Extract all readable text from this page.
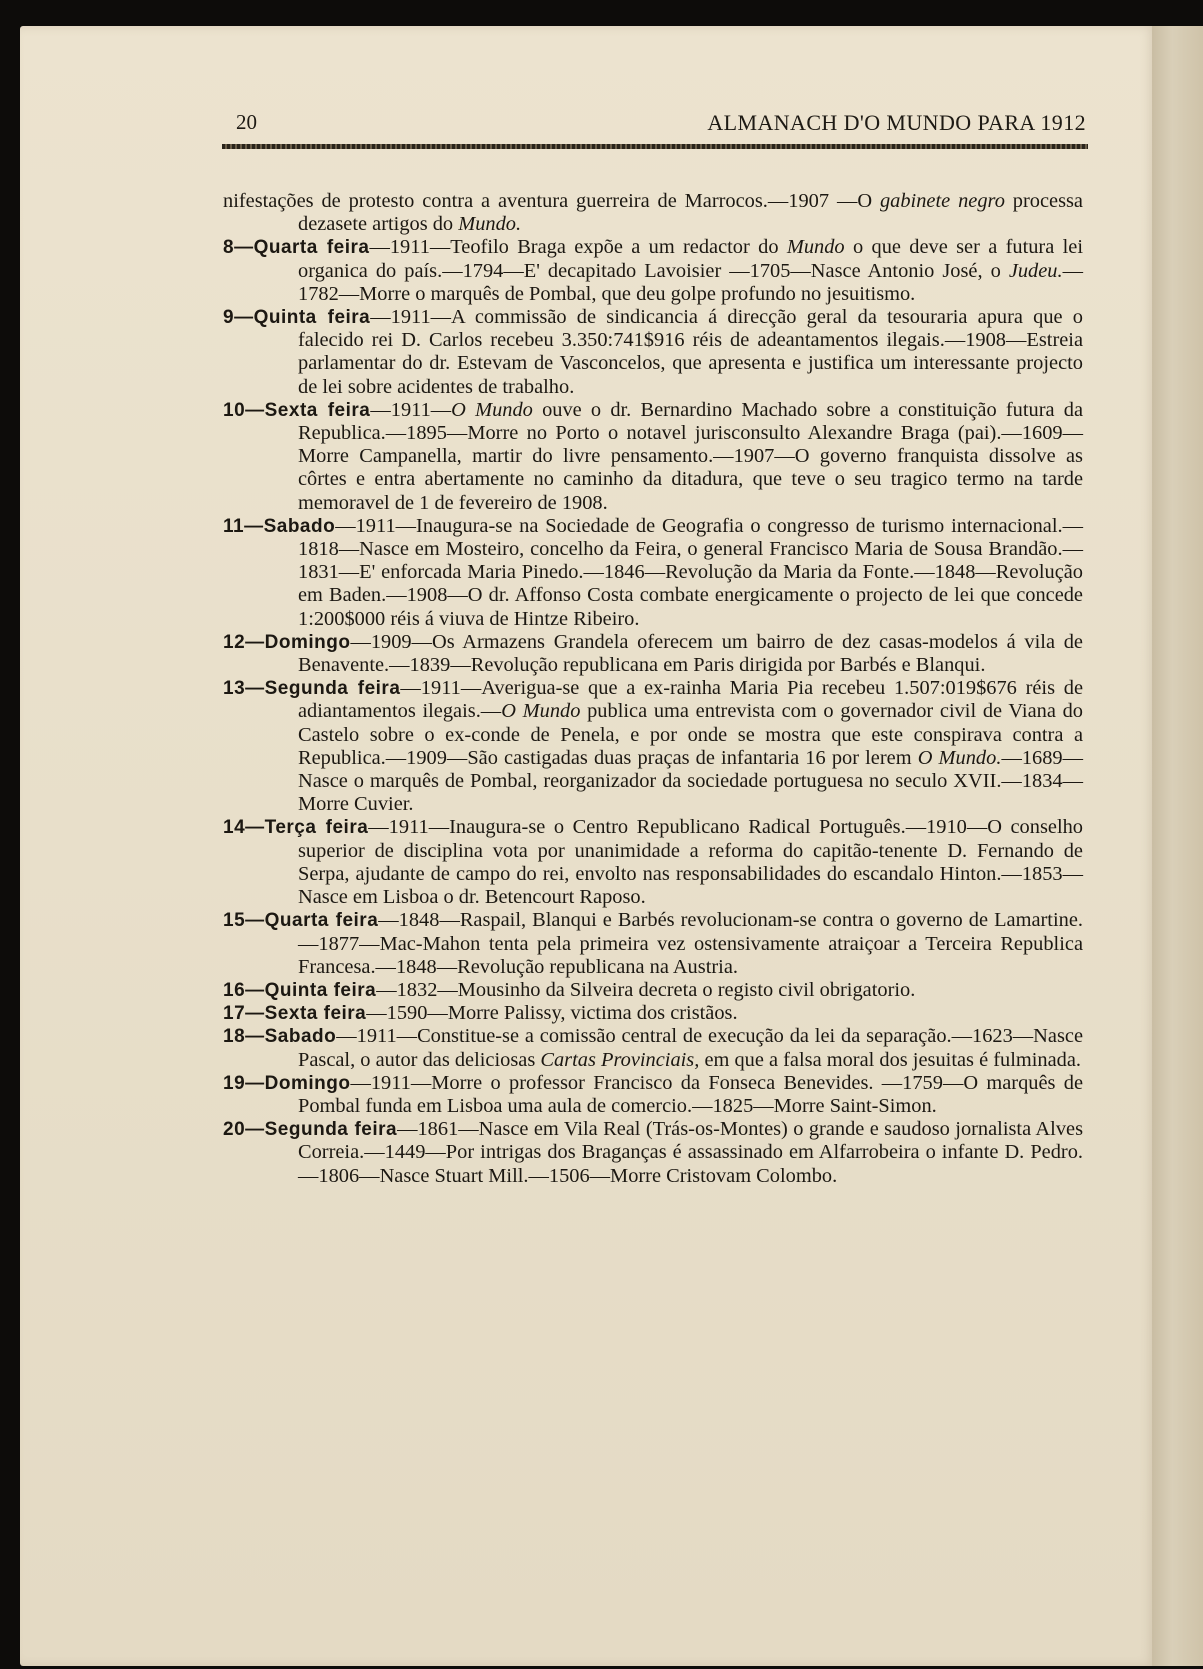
20	ALMANACH D'O MUNDO PARA 1912

nifestações de protesto contra a aventura guerreira de Marrocos.—1907 —O gabinete negro processa dezasete artigos do Mundo.

8—Quarta feira—1911—Teofilo Braga expõe a um redactor do Mundo o que deve ser a futura lei organica do país.—1794—E' decapitado Lavoisier —1705—Nasce Antonio José, o Judeu.—1782—Morre o marquês de Pombal, que deu golpe profundo no jesuitismo.

9—Quinta feira—1911—A commissão de sindicancia á direcção geral da tesouraria apura que o falecido rei D. Carlos recebeu 3.350:741$916 réis de adeantamentos ilegais.—1908—Estreia parlamentar do dr. Estevam de Vasconcelos, que apresenta e justifica um interessante projecto de lei sobre acidentes de trabalho.

10—Sexta feira—1911—O Mundo ouve o dr. Bernardino Machado sobre a constituição futura da Republica.—1895—Morre no Porto o notavel jurisconsulto Alexandre Braga (pai).—1609—Morre Campanella, martir do livre pensamento.—1907—O governo franquista dissolve as côrtes e entra abertamente no caminho da ditadura, que teve o seu tragico termo na tarde memoravel de 1 de fevereiro de 1908.

11—Sabado—1911—Inaugura-se na Sociedade de Geografia o congresso de turismo internacional.—1818—Nasce em Mosteiro, concelho da Feira, o general Francisco Maria de Sousa Brandão.—1831—E' enforcada Maria Pinedo.—1846—Revolução da Maria da Fonte.—1848—Revolução em Baden.—1908—O dr. Affonso Costa combate energicamente o projecto de lei que concede 1:200$000 réis á viuva de Hintze Ribeiro.

12—Domingo—1909—Os Armazens Grandela oferecem um bairro de dez casas-modelos á vila de Benavente.—1839—Revolução republicana em Paris dirigida por Barbés e Blanqui.

13—Segunda feira—1911—Averigua-se que a ex-rainha Maria Pia recebeu 1.507:019$676 réis de adiantamentos ilegais.—O Mundo publica uma entrevista com o governador civil de Viana do Castelo sobre o ex-conde de Penela, e por onde se mostra que este conspirava contra a Republica.—1909—São castigadas duas praças de infantaria 16 por lerem O Mundo.—1689—Nasce o marquês de Pombal, reorganizador da sociedade portuguesa no seculo XVII.—1834—Morre Cuvier.

14—Terça feira—1911—Inaugura-se o Centro Republicano Radical Português.—1910—O conselho superior de disciplina vota por unanimidade a reforma do capitão-tenente D. Fernando de Serpa, ajudante de campo do rei, envolto nas responsabilidades do escandalo Hinton.—1853—Nasce em Lisboa o dr. Betencourt Raposo.

15—Quarta feira—1848—Raspail, Blanqui e Barbés revolucionam-se contra o governo de Lamartine.—1877—Mac-Mahon tenta pela primeira vez ostensivamente atraiçoar a Terceira Republica Francesa.—1848—Revolução republicana na Austria.

16—Quinta feira—1832—Mousinho da Silveira decreta o registo civil obrigatorio.

17—Sexta feira—1590—Morre Palissy, victima dos cristãos.

18—Sabado—1911—Constitue-se a comissão central de execução da lei da separação.—1623—Nasce Pascal, o autor das deliciosas Cartas Provinciais, em que a falsa moral dos jesuitas é fulminada.

19—Domingo—1911—Morre o professor Francisco da Fonseca Benevides. —1759—O marquês de Pombal funda em Lisboa uma aula de comercio.—1825—Morre Saint-Simon.

20—Segunda feira—1861—Nasce em Vila Real (Trás-os-Montes) o grande e saudoso jornalista Alves Correia.—1449—Por intrigas dos Braganças é assassinado em Alfarrobeira o infante D. Pedro.—1806—Nasce Stuart Mill.—1506—Morre Cristovam Colombo.
